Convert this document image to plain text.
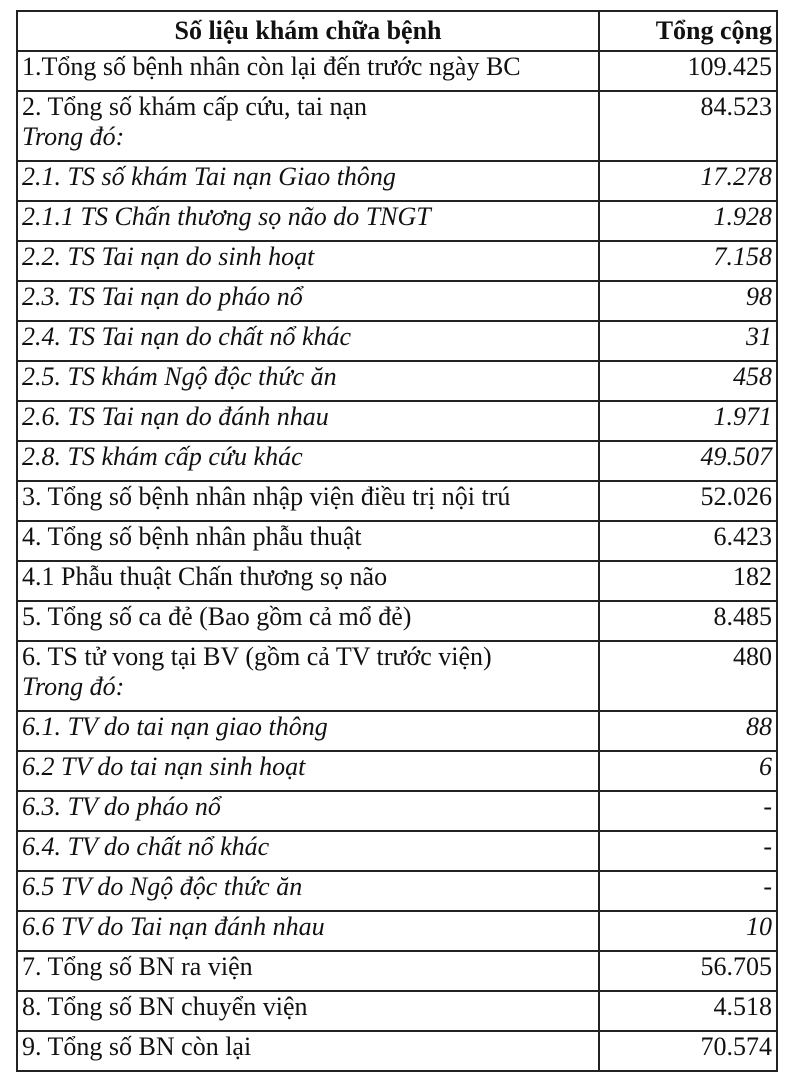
Số liệu khám chữa bệnh	Tổng cộng
1.Tổng số bệnh nhân còn lại đến trước ngày BC	109.425
2. Tổng số khám cấp cứu, tai nạn
Trong đó:	84.523
2.1. TS số khám Tai nạn Giao thông	17.278
2.1.1 TS Chấn thương sọ não do TNGT	1.928
2.2. TS Tai nạn do sinh hoạt	7.158
2.3. TS Tai nạn do pháo nổ	98
2.4. TS Tai nạn do chất nổ khác	31
2.5. TS khám Ngộ độc thức ăn	458
2.6. TS Tai nạn do đánh nhau	1.971
2.8. TS khám cấp cứu khác	49.507
3. Tổng số bệnh nhân nhập viện điều trị nội trú	52.026
4. Tổng số bệnh nhân phẫu thuật	6.423
4.1 Phẫu thuật Chấn thương sọ não	182
5. Tổng số ca đẻ (Bao gồm cả mổ đẻ)	8.485
6. TS tử vong tại BV (gồm cả TV trước viện)
Trong đó:	480
6.1. TV do tai nạn giao thông	88
6.2 TV do tai nạn sinh hoạt	6
6.3. TV do pháo nổ	-
6.4. TV do chất nổ khác	-
6.5 TV do Ngộ độc thức ăn	-
6.6 TV do Tai nạn đánh nhau	10
7. Tổng số BN ra viện	56.705
8. Tổng số BN chuyển viện	4.518
9. Tổng số BN còn lại	70.574
